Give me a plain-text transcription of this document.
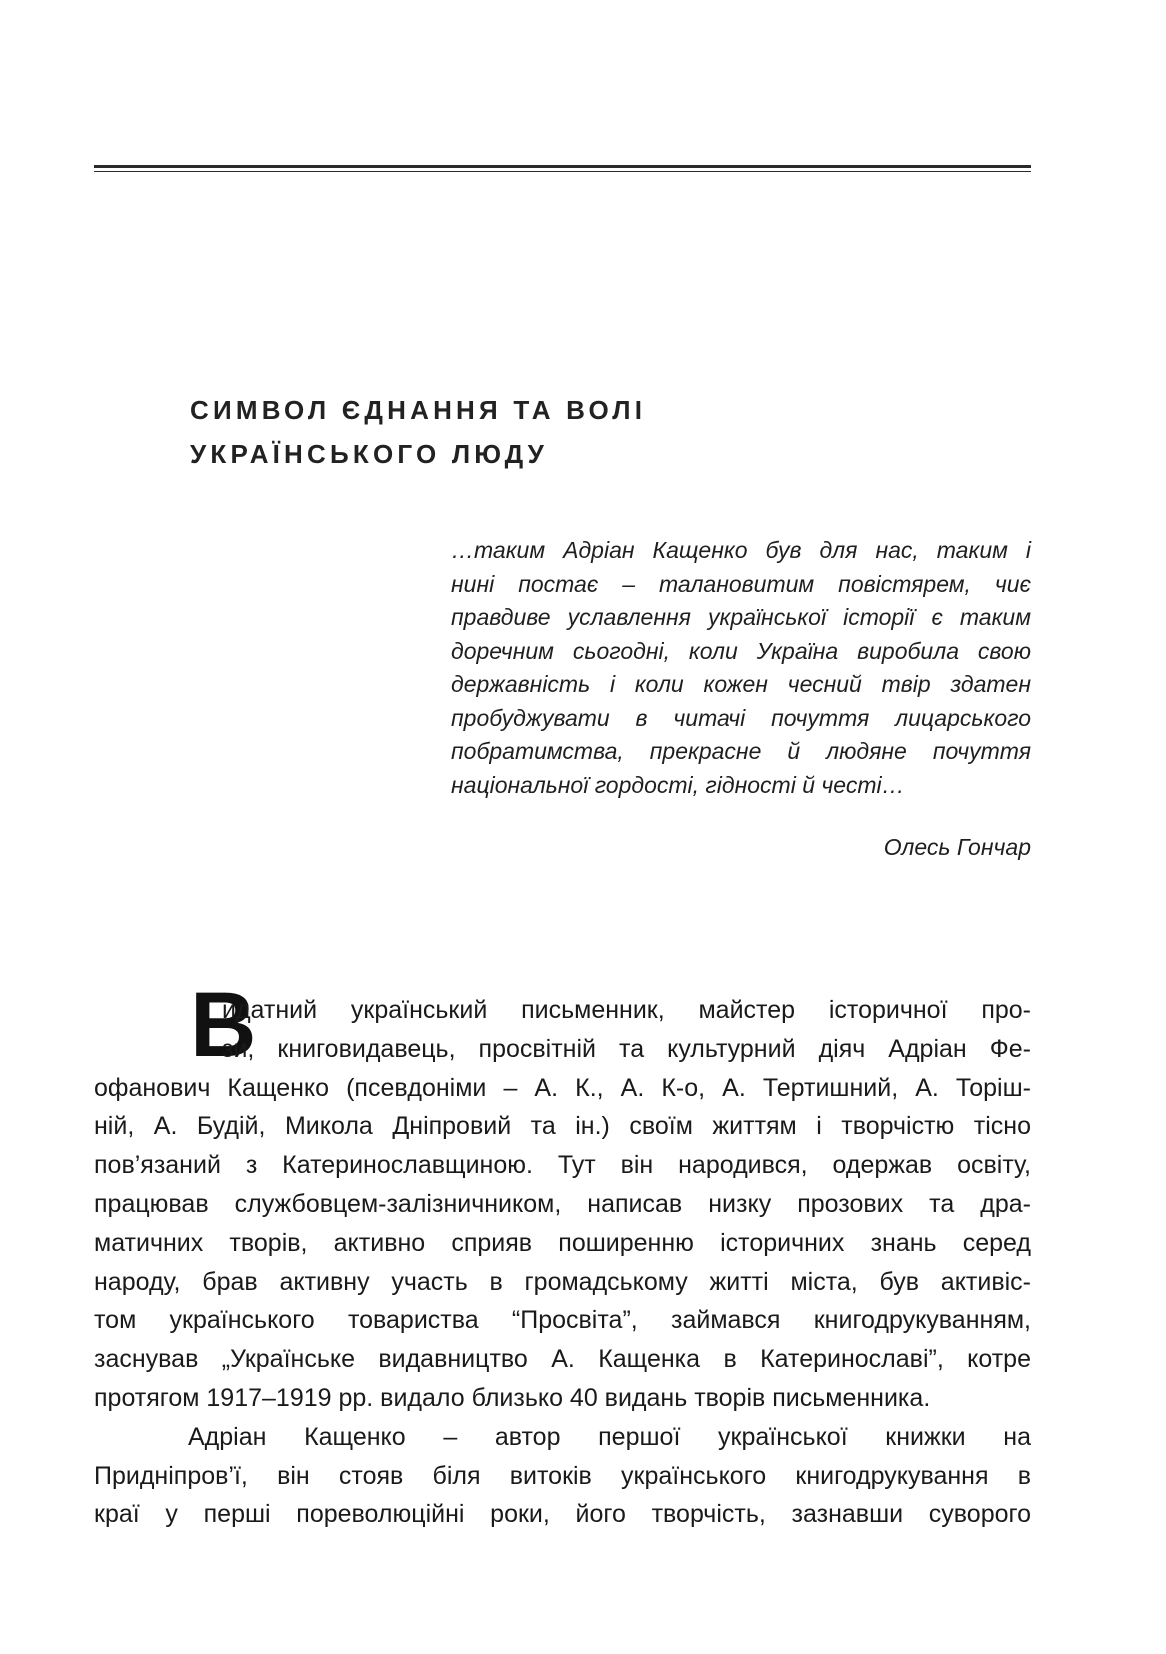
СИМВОЛ ЄДНАННЯ ТА ВОЛІ
УКРАЇНСЬКОГО ЛЮДУ
…таким Адріан Кащенко був для нас, таким і
нині постає – талановитим повістярем, чиє
правдиве уславлення української історії є таким
доречним сьогодні, коли Україна виробила свою
державність і коли кожен чесний твір здатен
пробуджувати в читачі почуття лицарського
побратимства, прекрасне й людяне почуття
національної гордості, гідності й честі…

Олесь Гончар

В
идатний український письменник, майстер історичної про-
зи, книговидавець, просвітній та культурний діяч Адріан Фе-
офанович Кащенко (псевдоніми – А. К., А. К-о, А. Тертишний, А. Торіш-
ній, А. Будій, Микола Дніпровий та ін.) своїм життям і творчістю тісно
пов’язаний з Катеринославщиною. Тут він народився, одержав освіту,
працював службовцем-залізничником, написав низку прозових та дра-
матичних творів, активно сприяв поширенню історичних знань серед
народу, брав активну участь в громадському житті міста, був активіс-
том українського товариства “Просвіта”, займався книгодрукуванням,
заснував „Українське видавництво А. Кащенка в Катеринославі”, котре
протягом 1917–1919 рр. видало близько 40 видань творів письменника.
Адріан Кащенко – автор першої української книжки на
Придніпров’ї, він стояв біля витоків українського книгодрукування в
краї у перші пореволюційні роки, його творчість, зазнавши суворого
